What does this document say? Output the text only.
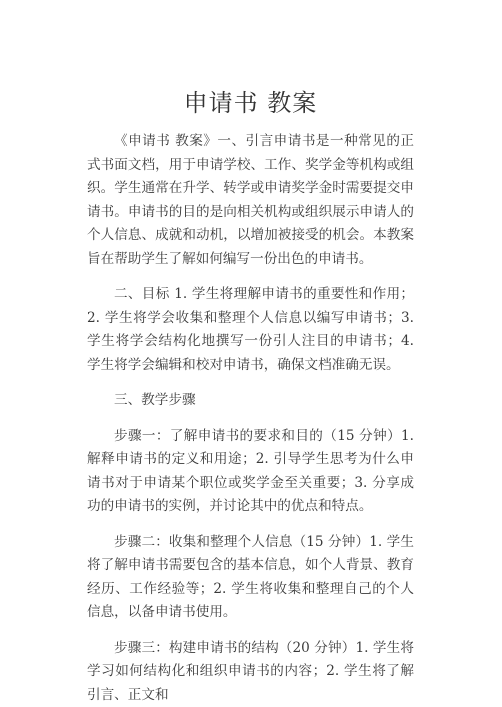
申请书 教案

《申请书 教案》一、引言申请书是一种常见的正式书面文档，用于申请学校、工作、奖学金等机构或组织。学生通常在升学、转学或申请奖学金时需要提交申请书。申请书的目的是向相关机构或组织展示申请人的个人信息、成就和动机，以增加被接受的机会。本教案旨在帮助学生了解如何编写一份出色的申请书。

二、目标 1. 学生将理解申请书的重要性和作用；2. 学生将学会收集和整理个人信息以编写申请书；3. 学生将学会结构化地撰写一份引人注目的申请书；4. 学生将学会编辑和校对申请书，确保文档准确无误。

三、教学步骤

步骤一：了解申请书的要求和目的（15 分钟）1. 解释申请书的定义和用途；2. 引导学生思考为什么申请书对于申请某个职位或奖学金至关重要；3. 分享成功的申请书的实例，并讨论其中的优点和特点。

步骤二：收集和整理个人信息（15 分钟）1. 学生将了解申请书需要包含的基本信息，如个人背景、教育经历、工作经验等；2. 学生将收集和整理自己的个人信息，以备申请书使用。

步骤三：构建申请书的结构（20 分钟）1. 学生将学习如何结构化和组织申请书的内容；2. 学生将了解引言、正文和
